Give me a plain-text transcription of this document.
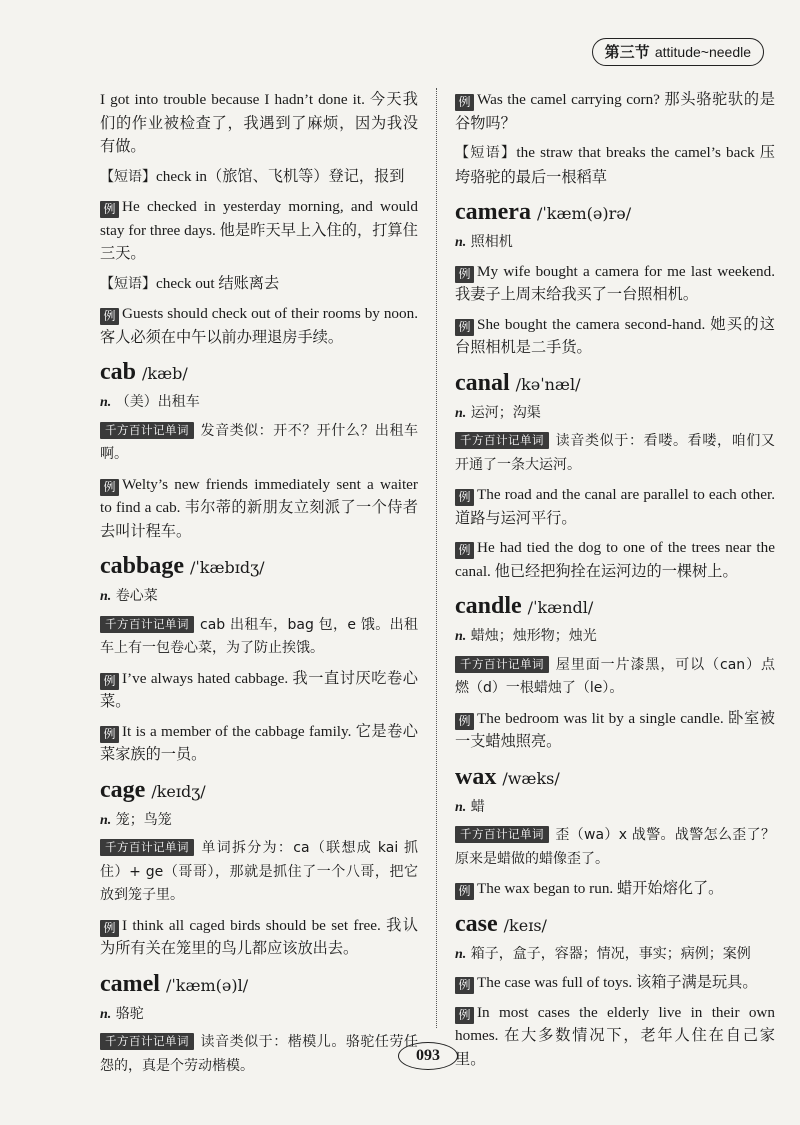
第三节 attitude~needle
I got into trouble because I hadn’t done it. 今天我们的作业被检查了，我遇到了麻烦，因为我没有做。
【短语】check in（旅馆、飞机等）登记，报到
例 He checked in yesterday morning, and would stay for three days. 他是昨天早上入住的，打算住三天。
【短语】check out 结账离去
例 Guests should check out of their rooms by noon. 客人必须在中午以前办理退房手续。
cab /kæb/
n. （美）出租车
千方百计记单词 发音类似：开不？开什么？出租车啊。
例 Welty’s new friends immediately sent a waiter to find a cab. 韦尔蒂的新朋友立刻派了一个侍者去叫计程车。
cabbage /ˈkæbɪdʒ/
n. 卷心菜
千方百计记单词 cab 出租车，bag 包，e 饿。出租车上有一包卷心菜，为了防止挨饿。
例 I’ve always hated cabbage. 我一直讨厌吃卷心菜。
例 It is a member of the cabbage family. 它是卷心菜家族的一员。
cage /keɪdʒ/
n. 笼；鸟笼
千方百计记单词 单词拆分为：ca（联想成 kai 抓住）+ ge（哥哥），那就是抓住了一个八哥，把它放到笼子里。
例 I think all caged birds should be set free. 我认为所有关在笼里的鸟儿都应该放出去。
camel /ˈkæm(ə)l/
n. 骆驼
千方百计记单词 读音类似于：楷模儿。骆驼任劳任怨的，真是个劳动楷模。
例 Was the camel carrying corn? 那头骆驼驮的是谷物吗？
【短语】the straw that breaks the camel’s back 压垮骆驼的最后一根稻草
camera /ˈkæm(ə)rə/
n. 照相机
例 My wife bought a camera for me last weekend. 我妻子上周末给我买了一台照相机。
例 She bought the camera second-hand. 她买的这台照相机是二手货。
canal /kəˈnæl/
n. 运河；沟渠
千方百计记单词 读音类似于：看喽。看喽，咱们又开通了一条大运河。
例 The road and the canal are parallel to each other. 道路与运河平行。
例 He had tied the dog to one of the trees near the canal. 他已经把狗拴在运河边的一棵树上。
candle /ˈkændl/
n. 蜡烛；烛形物；烛光
千方百计记单词 屋里面一片漆黑，可以（can）点燃（d）一根蜡烛了（le）。
例 The bedroom was lit by a single candle. 卧室被一支蜡烛照亮。
wax /wæks/
n. 蜡
千方百计记单词 歪（wa）x 战警。战警怎么歪了？原来是蜡做的蜡像歪了。
例 The wax began to run. 蜡开始熔化了。
case /keɪs/
n. 箱子，盒子，容器；情况，事实；病例；案例
例 The case was full of toys. 该箱子满是玩具。
例 In most cases the elderly live in their own homes. 在大多数情况下，老年人住在自己家里。
093
